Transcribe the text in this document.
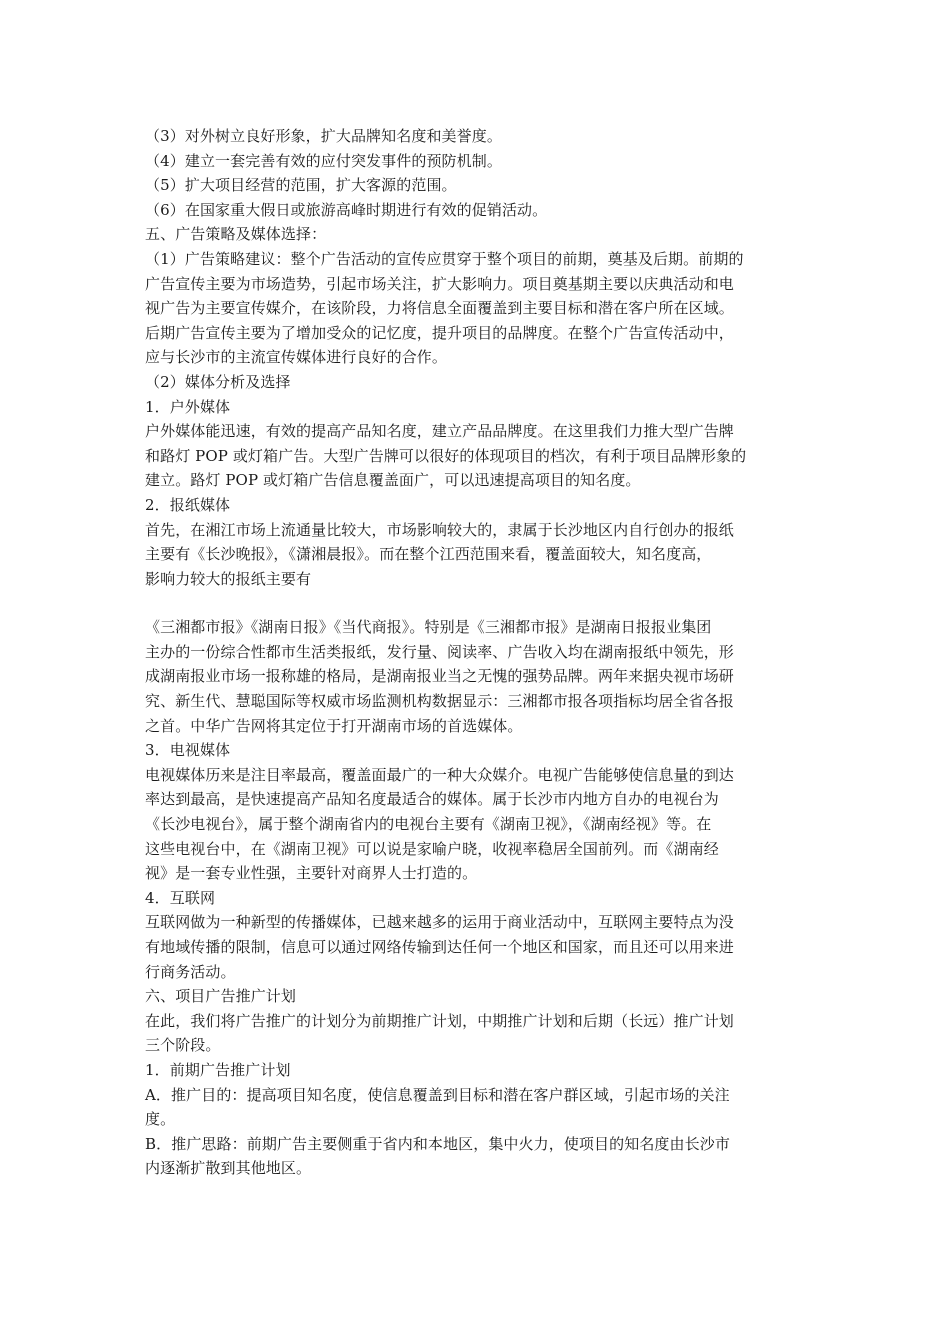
（3）对外树立良好形象，扩大品牌知名度和美誉度。

（4）建立一套完善有效的应付突发事件的预防机制。

（5）扩大项目经营的范围，扩大客源的范围。

（6）在国家重大假日或旅游高峰时期进行有效的促销活动。

五、广告策略及媒体选择：

（1）广告策略建议：整个广告活动的宣传应贯穿于整个项目的前期，奠基及后期。前期的

广告宣传主要为市场造势，引起市场关注，扩大影响力。项目奠基期主要以庆典活动和电

视广告为主要宣传媒介，在该阶段，力将信息全面覆盖到主要目标和潜在客户所在区域。

后期广告宣传主要为了增加受众的记忆度，提升项目的品牌度。在整个广告宣传活动中，

应与长沙市的主流宣传媒体进行良好的合作。

（2）媒体分析及选择

1．户外媒体

户外媒体能迅速，有效的提高产品知名度，建立产品品牌度。在这里我们力推大型广告牌

和路灯 POP 或灯箱广告。大型广告牌可以很好的体现项目的档次，有利于项目品牌形象的

建立。路灯 POP 或灯箱广告信息覆盖面广，可以迅速提高项目的知名度。

2．报纸媒体

首先，在湘江市场上流通量比较大，市场影响较大的，隶属于长沙地区内自行创办的报纸

主要有《长沙晚报》，《潇湘晨报》。而在整个江西范围来看，覆盖面较大，知名度高，

影响力较大的报纸主要有

《三湘都市报》《湖南日报》《当代商报》。特别是《三湘都市报》是湖南日报报业集团

主办的一份综合性都市生活类报纸，发行量、阅读率、广告收入均在湖南报纸中领先，形

成湖南报业市场一报称雄的格局，是湖南报业当之无愧的强势品牌。两年来据央视市场研

究、新生代、慧聪国际等权威市场监测机构数据显示：三湘都市报各项指标均居全省各报

之首。中华广告网将其定位于打开湖南市场的首选媒体。

3．电视媒体

电视媒体历来是注目率最高，覆盖面最广的一种大众媒介。电视广告能够使信息量的到达

率达到最高，是快速提高产品知名度最适合的媒体。属于长沙市内地方自办的电视台为

《长沙电视台》，属于整个湖南省内的电视台主要有《湖南卫视》，《湖南经视》等。在

这些电视台中，在《湖南卫视》可以说是家喻户晓，收视率稳居全国前列。而《湖南经

视》是一套专业性强，主要针对商界人士打造的。

4．互联网

互联网做为一种新型的传播媒体，已越来越多的运用于商业活动中，互联网主要特点为没

有地域传播的限制，信息可以通过网络传输到达任何一个地区和国家，而且还可以用来进

行商务活动。

六、项目广告推广计划

在此，我们将广告推广的计划分为前期推广计划，中期推广计划和后期（长远）推广计划

三个阶段。

1．前期广告推广计划

A．推广目的：提高项目知名度，使信息覆盖到目标和潜在客户群区域，引起市场的关注

度。

B．推广思路：前期广告主要侧重于省内和本地区，集中火力，使项目的知名度由长沙市

内逐渐扩散到其他地区。
